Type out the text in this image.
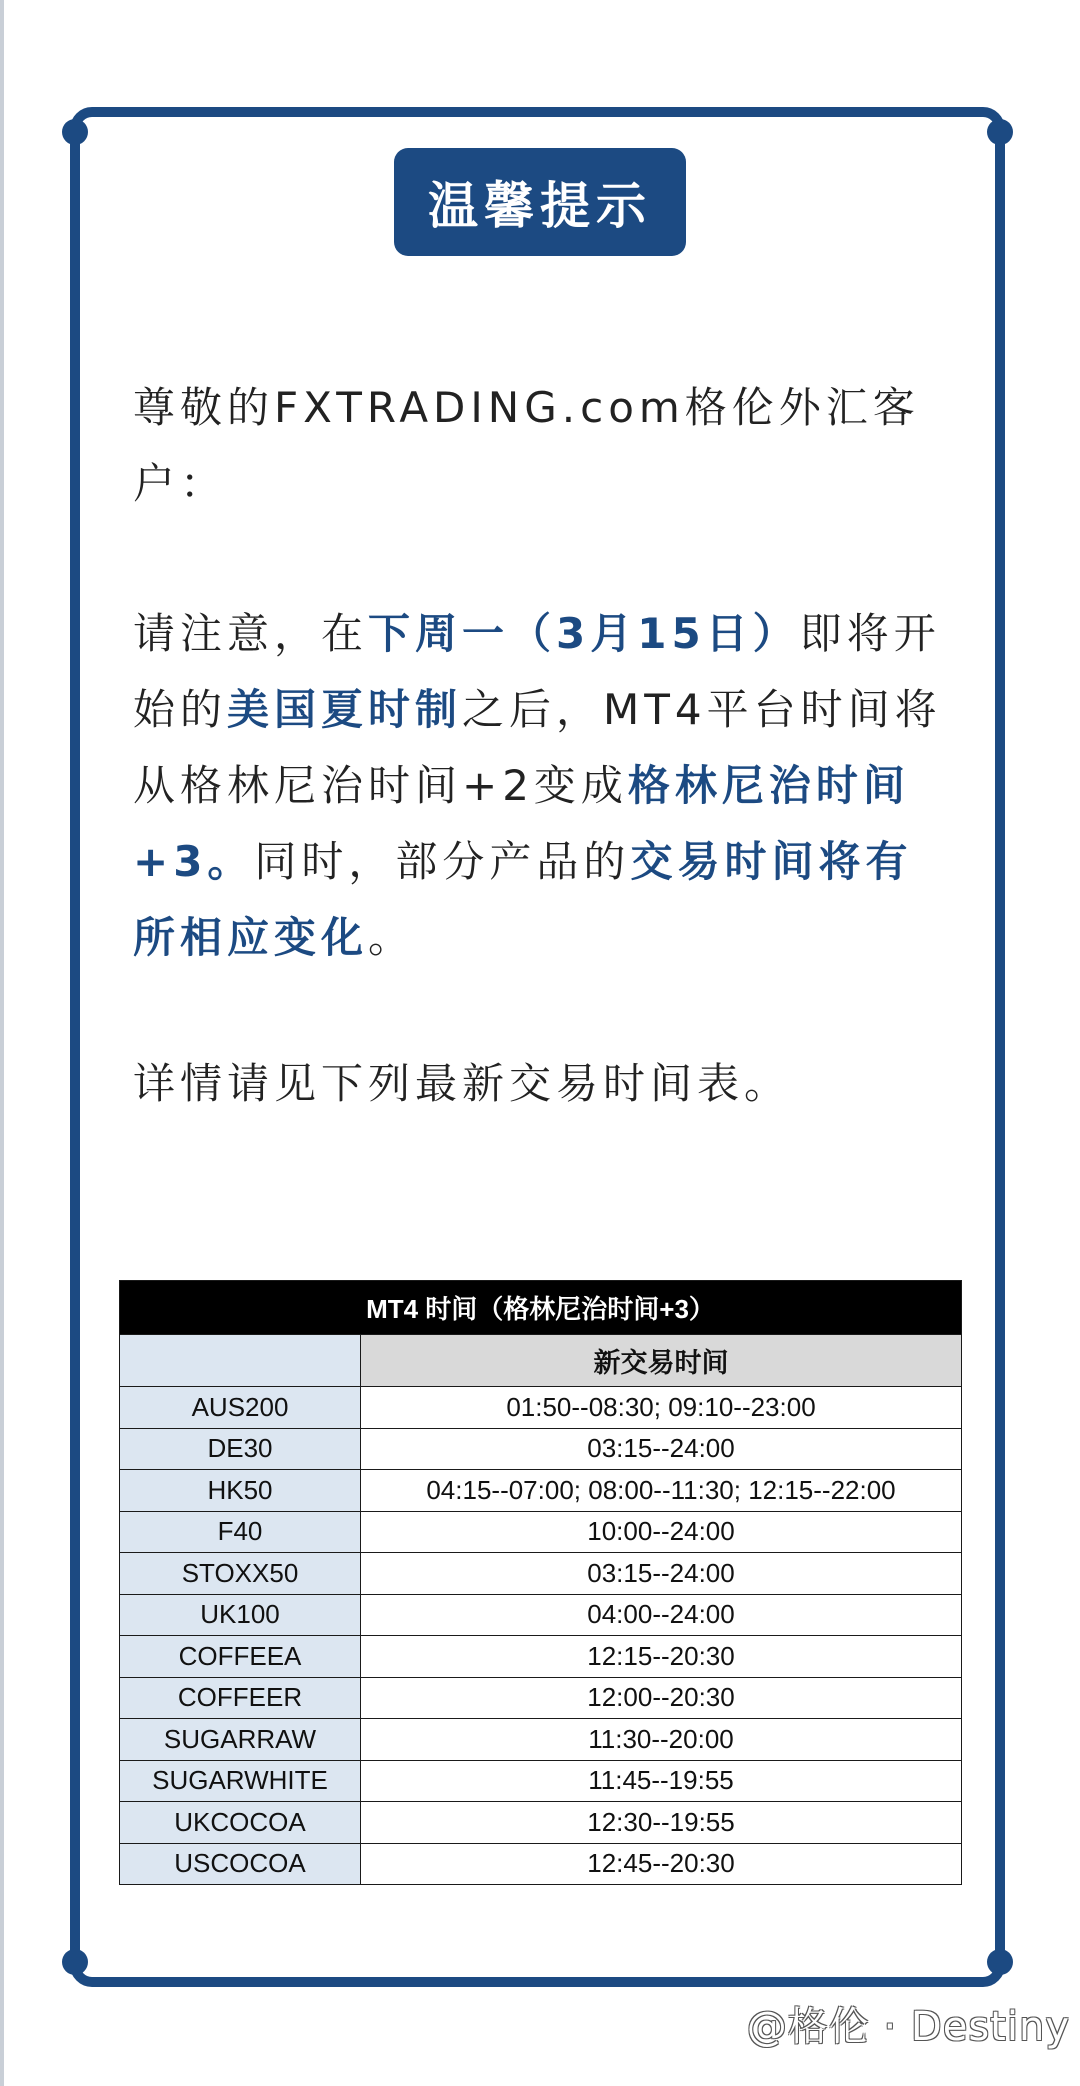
温馨提示

尊敬的FXTRADING.com格伦外汇客户：

请注意，在下周一（3月15日）即将开始的美国夏时制之后，MT4平台时间将从格林尼治时间+2变成格林尼治时间+3。同时，部分产品的交易时间将有所相应变化。

详情请见下列最新交易时间表。

MT4 时间（格林尼治时间+3）	
	新交易时间
AUS200	01:50--08:30; 09:10--23:00
DE30	03:15--24:00
HK50	04:15--07:00; 08:00--11:30; 12:15--22:00
F40	10:00--24:00
STOXX50	03:15--24:00
UK100	04:00--24:00
COFFEEA	12:15--20:30
COFFEER	12:00--20:30
SUGARRAW	11:30--20:00
SUGARWHITE	11:45--19:55
UKCOCOA	12:30--19:55
USCOCOA	12:45--20:30
@格伦 · Destiny
